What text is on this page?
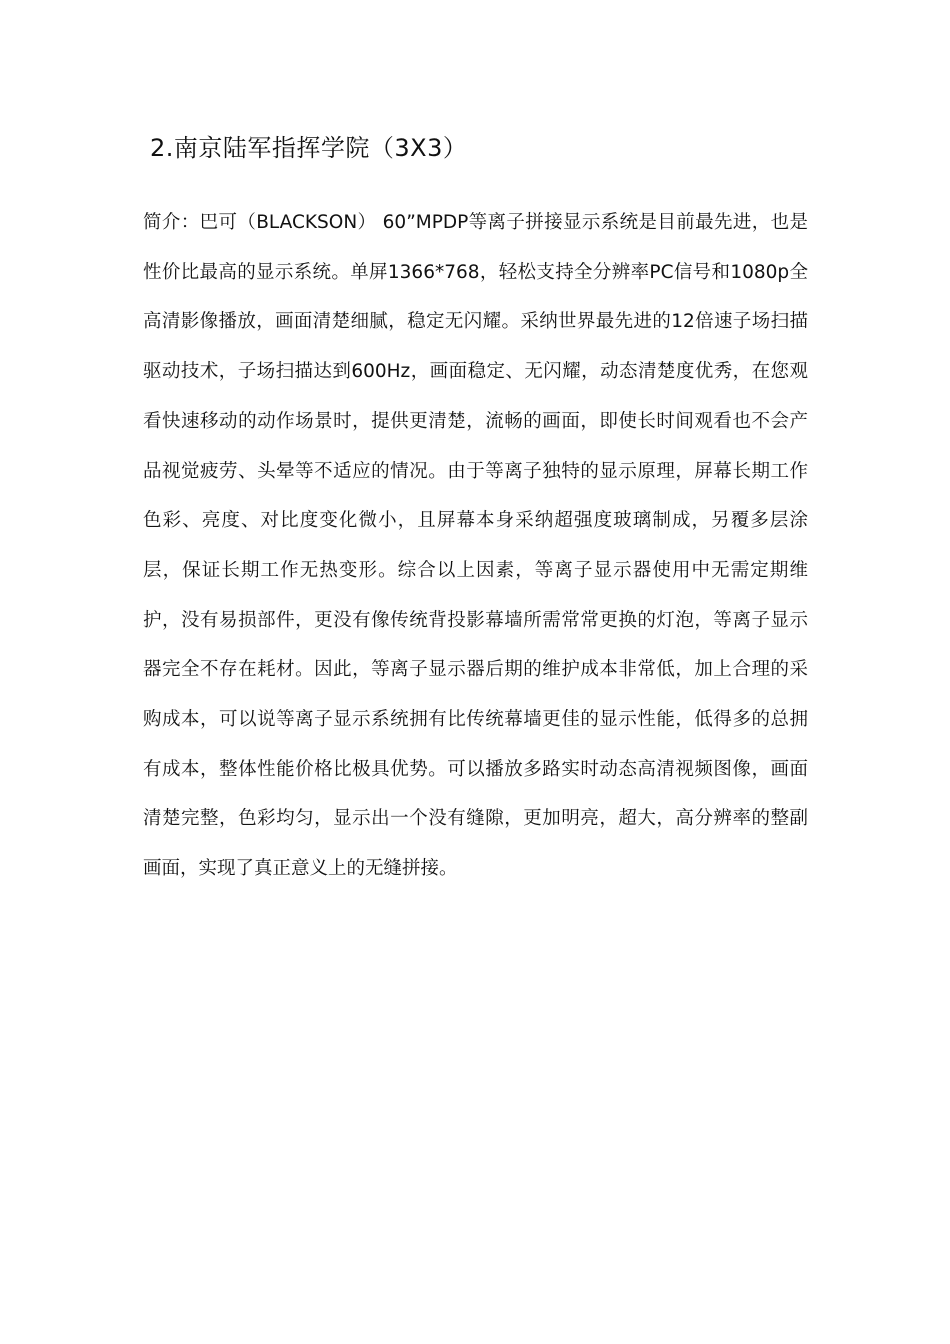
2.南京陆军指挥学院（3X3）

简介：巴可（BLACKSON） 60”MPDP等离子拼接显示系统是目前最先进，也是性价比最高的显示系统。单屏1366*768，轻松支持全分辨率PC信号和1080p全高清影像播放，画面清楚细腻，稳定无闪耀。采纳世界最先进的12倍速子场扫描驱动技术，子场扫描达到600Hz，画面稳定、无闪耀，动态清楚度优秀，在您观看快速移动的动作场景时，提供更清楚，流畅的画面，即使长时间观看也不会产品视觉疲劳、头晕等不适应的情况。由于等离子独特的显示原理，屏幕长期工作色彩、亮度、对比度变化微小，且屏幕本身采纳超强度玻璃制成，另覆多层涂层，保证长期工作无热变形。综合以上因素，等离子显示器使用中无需定期维护，没有易损部件，更没有像传统背投影幕墙所需常常更换的灯泡，等离子显示器完全不存在耗材。因此，等离子显示器后期的维护成本非常低，加上合理的采购成本，可以说等离子显示系统拥有比传统幕墙更佳的显示性能，低得多的总拥有成本，整体性能价格比极具优势。可以播放多路实时动态高清视频图像，画面清楚完整，色彩均匀，显示出一个没有缝隙，更加明亮，超大，高分辨率的整副画面，实现了真正意义上的无缝拼接。
